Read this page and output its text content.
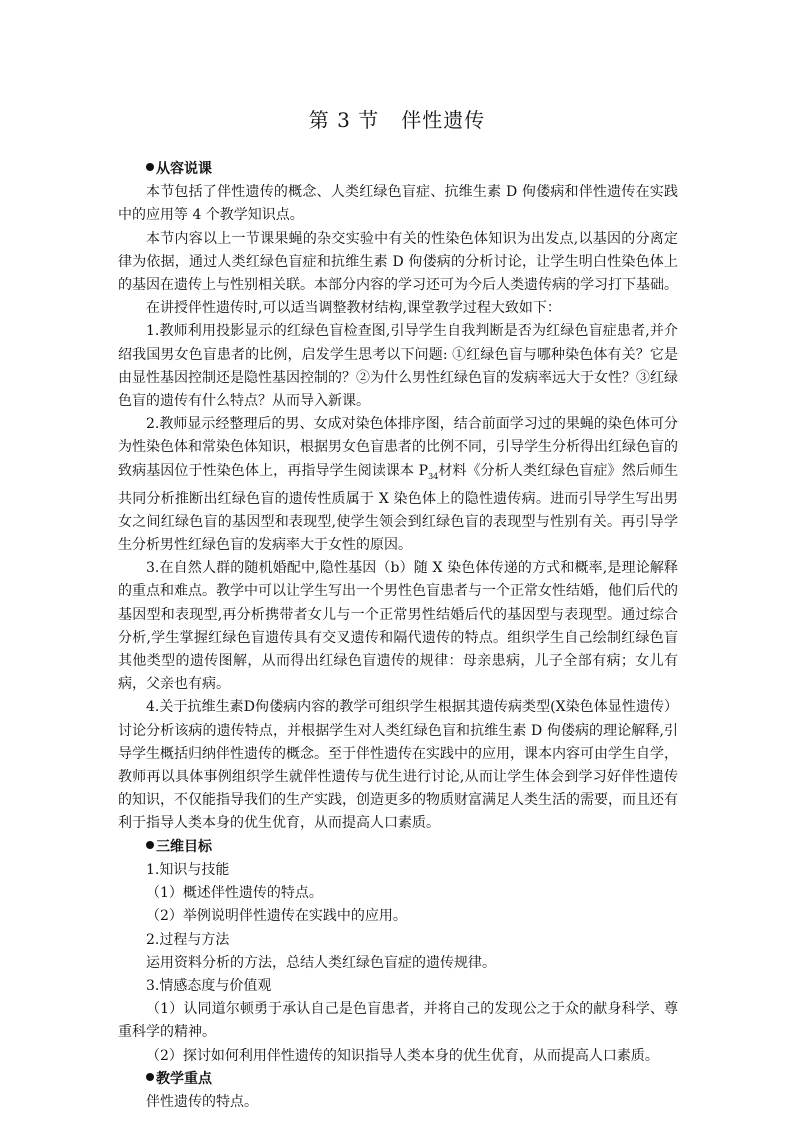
第 3 节 伴性遗传

从容说课

本节包括了伴性遗传的概念、人类红绿色盲症、抗维生素 D 佝偻病和伴性遗传在实践中的应用等 4 个教学知识点。

本节内容以上一节课果蝇的杂交实验中有关的性染色体知识为出发点,以基因的分离定律为依据，通过人类红绿色盲症和抗维生素 D 佝偻病的分析讨论，让学生明白性染色体上的基因在遗传上与性别相关联。本部分内容的学习还可为今后人类遗传病的学习打下基础。

在讲授伴性遗传时,可以适当调整教材结构,课堂教学过程大致如下：

1.教师利用投影显示的红绿色盲检查图,引导学生自我判断是否为红绿色盲症患者,并介绍我国男女色盲患者的比例，启发学生思考以下问题: ①红绿色盲与哪种染色体有关？它是由显性基因控制还是隐性基因控制的？②为什么男性红绿色盲的发病率远大于女性？③红绿色盲的遗传有什么特点？从而导入新课。

2.教师显示经整理后的男、女成对染色体排序图，结合前面学习过的果蝇的染色体可分为性染色体和常染色体知识，根据男女色盲患者的比例不同，引导学生分析得出红绿色盲的致病基因位于性染色体上，再指导学生阅读课本 $P_{34}$材料《分析人类红绿色盲症》然后师生共同分析推断出红绿色盲的遗传性质属于 X 染色体上的隐性遗传病。进而引导学生写出男女之间红绿色盲的基因型和表现型,使学生领会到红绿色盲的表现型与性别有关。再引导学生分析男性红绿色盲的发病率大于女性的原因。

3.在自然人群的随机婚配中,隐性基因（b）随 X 染色体传递的方式和概率,是理论解释的重点和难点。教学中可以让学生写出一个男性色盲患者与一个正常女性结婚，他们后代的基因型和表现型,再分析携带者女儿与一个正常男性结婚后代的基因型与表现型。通过综合分析,学生掌握红绿色盲遗传具有交叉遗传和隔代遗传的特点。组织学生自己绘制红绿色盲其他类型的遗传图解，从而得出红绿色盲遗传的规律：母亲患病，儿子全部有病；女儿有病，父亲也有病。

4.关于抗维生素D佝偻病内容的教学可组织学生根据其遗传病类型(X染色体显性遗传）讨论分析该病的遗传特点，并根据学生对人类红绿色盲和抗维生素 D 佝偻病的理论解释,引导学生概括归纳伴性遗传的概念。至于伴性遗传在实践中的应用，课本内容可由学生自学，教师再以具体事例组织学生就伴性遗传与优生进行讨论,从而让学生体会到学习好伴性遗传的知识，不仅能指导我们的生产实践，创造更多的物质财富满足人类生活的需要，而且还有利于指导人类本身的优生优育，从而提高人口素质。

三维目标

1.知识与技能

（1）概述伴性遗传的特点。

（2）举例说明伴性遗传在实践中的应用。

2.过程与方法

运用资料分析的方法，总结人类红绿色盲症的遗传规律。

3.情感态度与价值观

（1）认同道尔顿勇于承认自己是色盲患者，并将自己的发现公之于众的献身科学、尊重科学的精神。

（2）探讨如何利用伴性遗传的知识指导人类本身的优生优育，从而提高人口素质。

教学重点

伴性遗传的特点。
